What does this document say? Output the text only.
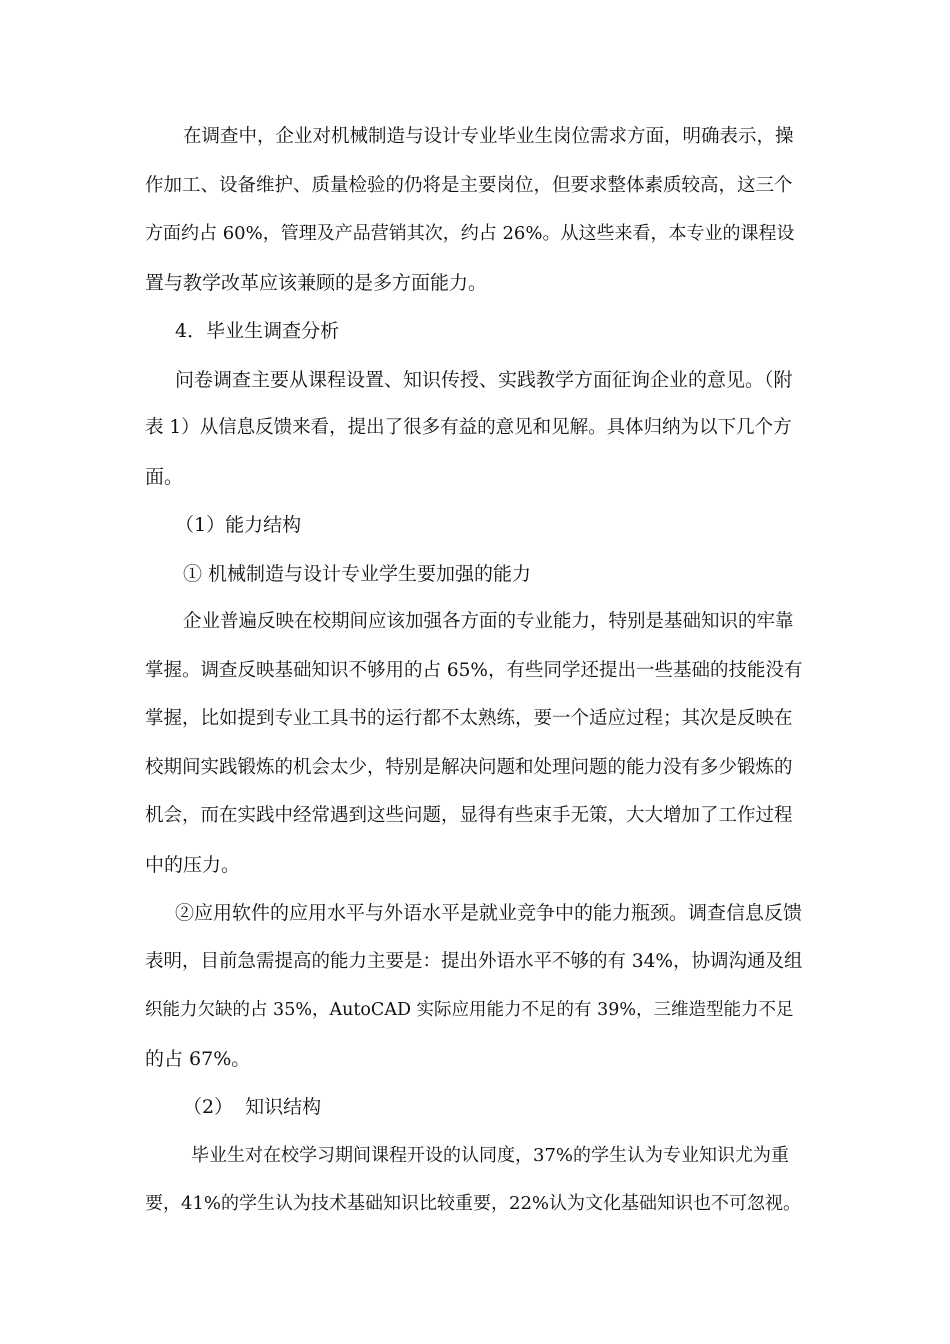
在调查中，企业对机械制造与设计专业毕业生岗位需求方面，明确表示，操
作加工、设备维护、质量检验的仍将是主要岗位，但要求整体素质较高，这三个
方面约占 60%，管理及产品营销其次，约占 26%。从这些来看，本专业的课程设
置与教学改革应该兼顾的是多方面能力。
4．毕业生调查分析
问卷调查主要从课程设置、知识传授、实践教学方面征询企业的意见。（附
表 1）从信息反馈来看，提出了很多有益的意见和见解。具体归纳为以下几个方
面。
（1）能力结构
① 机械制造与设计专业学生要加强的能力
企业普遍反映在校期间应该加强各方面的专业能力，特别是基础知识的牢靠
掌握。调查反映基础知识不够用的占 65%，有些同学还提出一些基础的技能没有
掌握，比如提到专业工具书的运行都不太熟练，要一个适应过程；其次是反映在
校期间实践锻炼的机会太少，特别是解决问题和处理问题的能力没有多少锻炼的
机会，而在实践中经常遇到这些问题，显得有些束手无策，大大增加了工作过程
中的压力。
②应用软件的应用水平与外语水平是就业竞争中的能力瓶颈。调查信息反馈
表明，目前急需提高的能力主要是：提出外语水平不够的有 34%，协调沟通及组
织能力欠缺的占 35%，AutoCAD 实际应用能力不足的有 39%，三维造型能力不足
的占 67%。
（2）  知识结构
毕业生对在校学习期间课程开设的认同度，37%的学生认为专业知识尤为重
要，41%的学生认为技术基础知识比较重要，22%认为文化基础知识也不可忽视。
